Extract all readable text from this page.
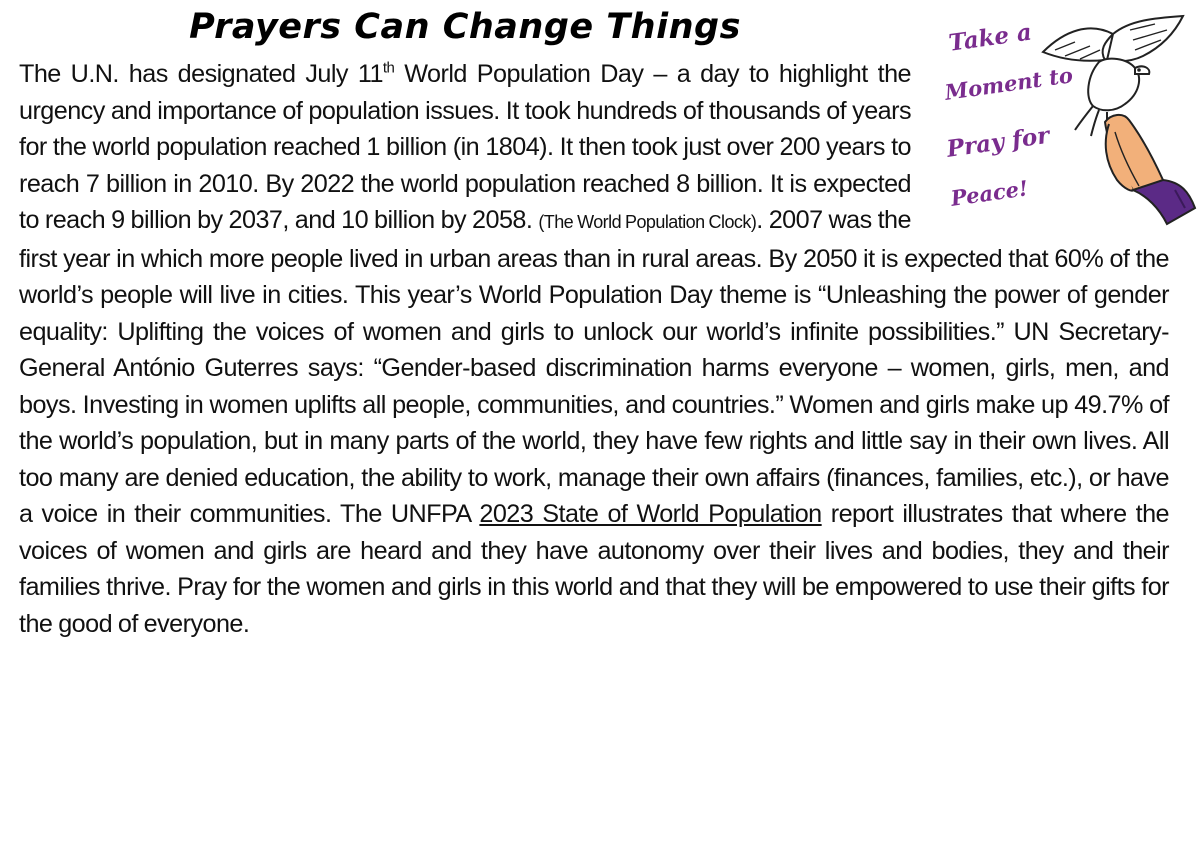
Prayers Can Change Things	Take a
Moment to
Pray for
Peace!

The U.N. has designated July 11th World Population Day – a day to highlight the urgency and importance of population issues. It took hundreds of thousands of years for the world population reached 1 billion (in 1804). It then took just over 200 years to reach 7 billion in 2010. By 2022 the world population reached 8 billion. It is expected to reach 9 billion by 2037, and 10 billion by 2058. (The World Population Clock). 2007 was the first year in which more people lived in urban areas than in rural areas. By 2050 it is expected that 60% of the world’s people will live in cities. This year’s World Population Day theme is “Unleashing the power of gender equality: Uplifting the voices of women and girls to unlock our world’s infinite possibilities.” UN Secretary-General António Guterres says: “Gender-based discrimination harms everyone – women, girls, men, and boys. Investing in women uplifts all people, communities, and countries.” Women and girls make up 49.7% of the world’s population, but in many parts of the world, they have few rights and little say in their own lives. All too many are denied education, the ability to work, manage their own affairs (finances, families, etc.), or have a voice in their communities. The UNFPA 2023 State of World Population report illustrates that where the voices of women and girls are heard and they have autonomy over their lives and bodies, they and their families thrive. Pray for the women and girls in this world and that they will be empowered to use their gifts for the good of everyone.
